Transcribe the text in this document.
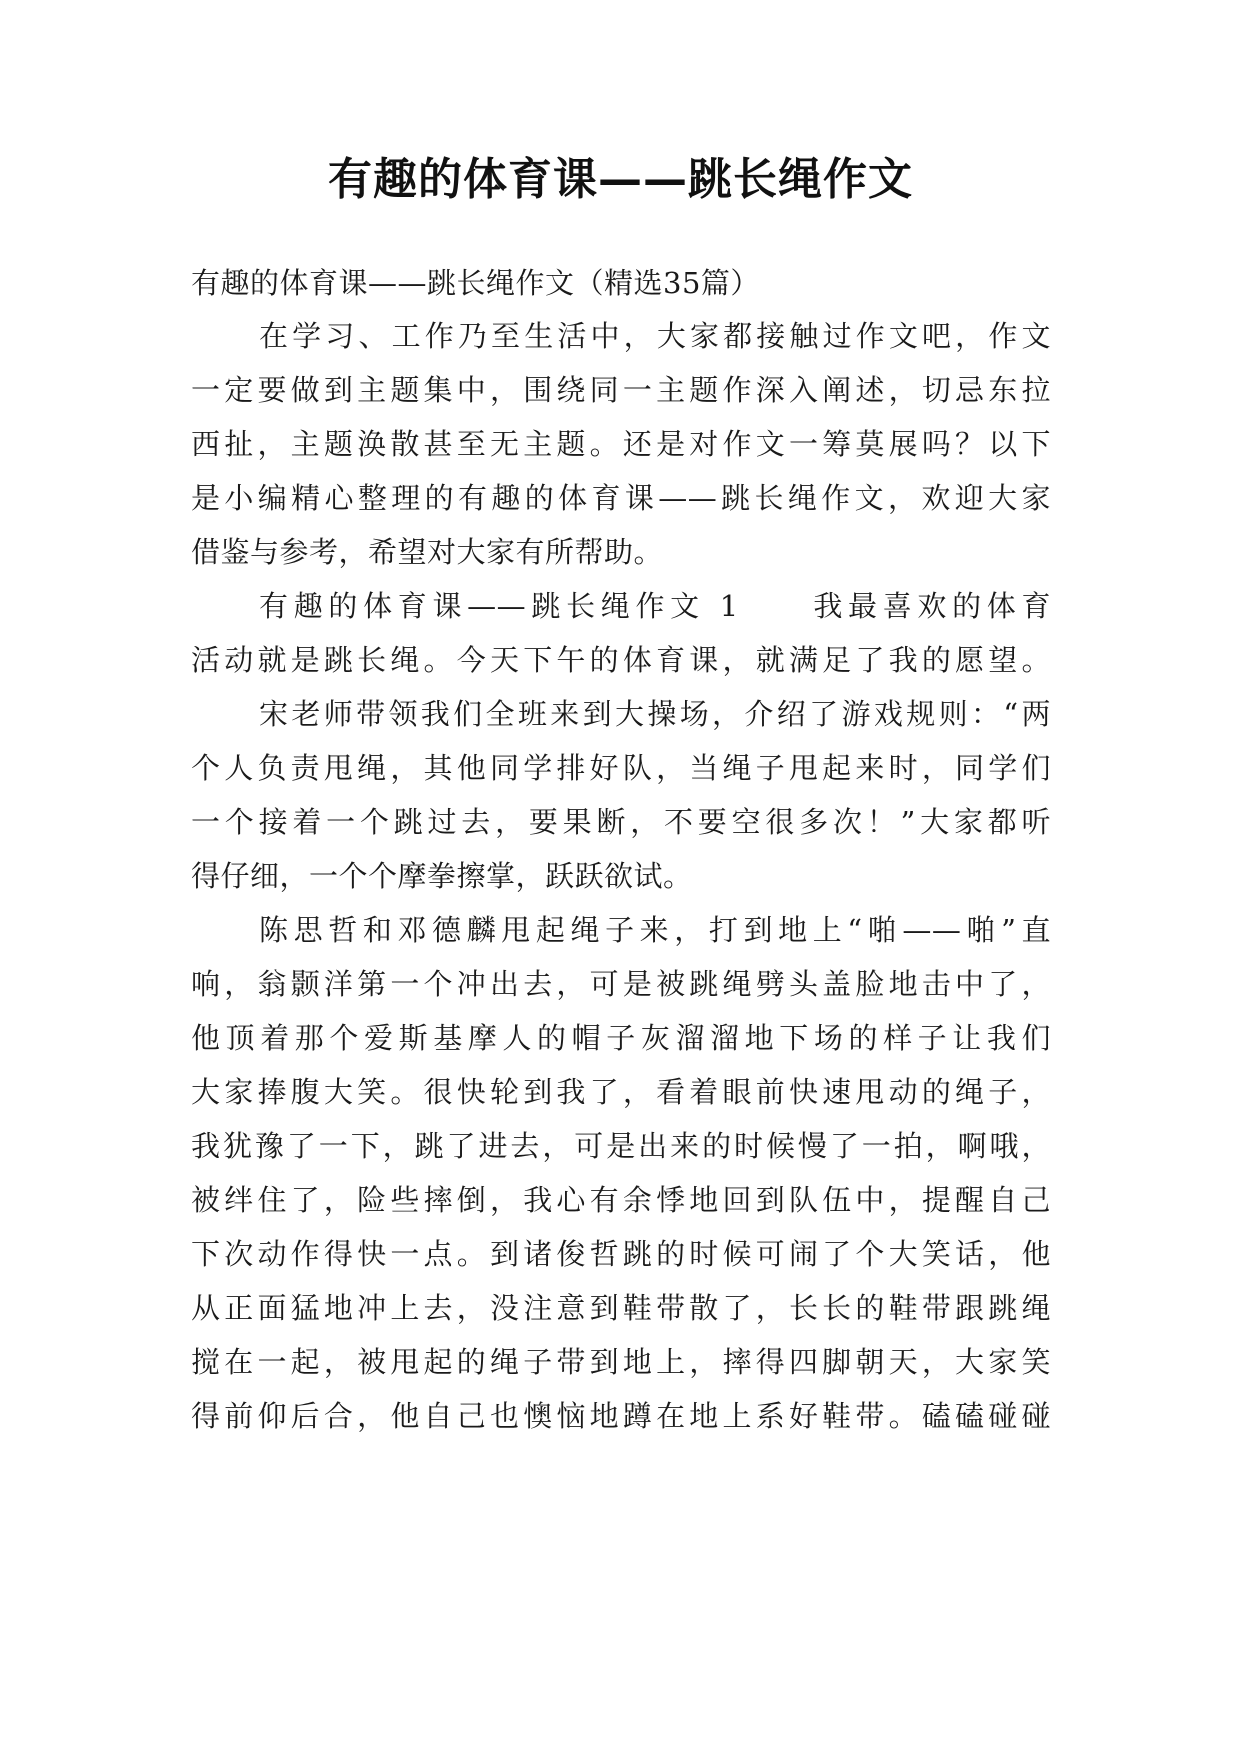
有趣的体育课——跳长绳作文
有趣的体育课——跳长绳作文（精选35篇）
在学习、工作乃至生活中，大家都接触过作文吧，作文
一定要做到主题集中，围绕同一主题作深入阐述，切忌东拉
西扯，主题涣散甚至无主题。还是对作文一筹莫展吗？以下
是小编精心整理的有趣的体育课——跳长绳作文，欢迎大家
借鉴与参考，希望对大家有所帮助。
有趣的体育课——跳长绳作文 1　　我最喜欢的体育
活动就是跳长绳。今天下午的体育课，就满足了我的愿望。
宋老师带领我们全班来到大操场，介绍了游戏规则：“两
个人负责甩绳，其他同学排好队，当绳子甩起来时，同学们
一个接着一个跳过去，要果断，不要空很多次！”大家都听
得仔细，一个个摩拳擦掌，跃跃欲试。
陈思哲和邓德麟甩起绳子来，打到地上“啪——啪”直
响，翁颢洋第一个冲出去，可是被跳绳劈头盖脸地击中了，
他顶着那个爱斯基摩人的帽子灰溜溜地下场的样子让我们
大家捧腹大笑。很快轮到我了，看着眼前快速甩动的绳子，
我犹豫了一下，跳了进去，可是出来的时候慢了一拍，啊哦，
被绊住了，险些摔倒，我心有余悸地回到队伍中，提醒自己
下次动作得快一点。到诸俊哲跳的时候可闹了个大笑话，他
从正面猛地冲上去，没注意到鞋带散了，长长的鞋带跟跳绳
搅在一起，被甩起的绳子带到地上，摔得四脚朝天，大家笑
得前仰后合，他自己也懊恼地蹲在地上系好鞋带。磕磕碰碰
